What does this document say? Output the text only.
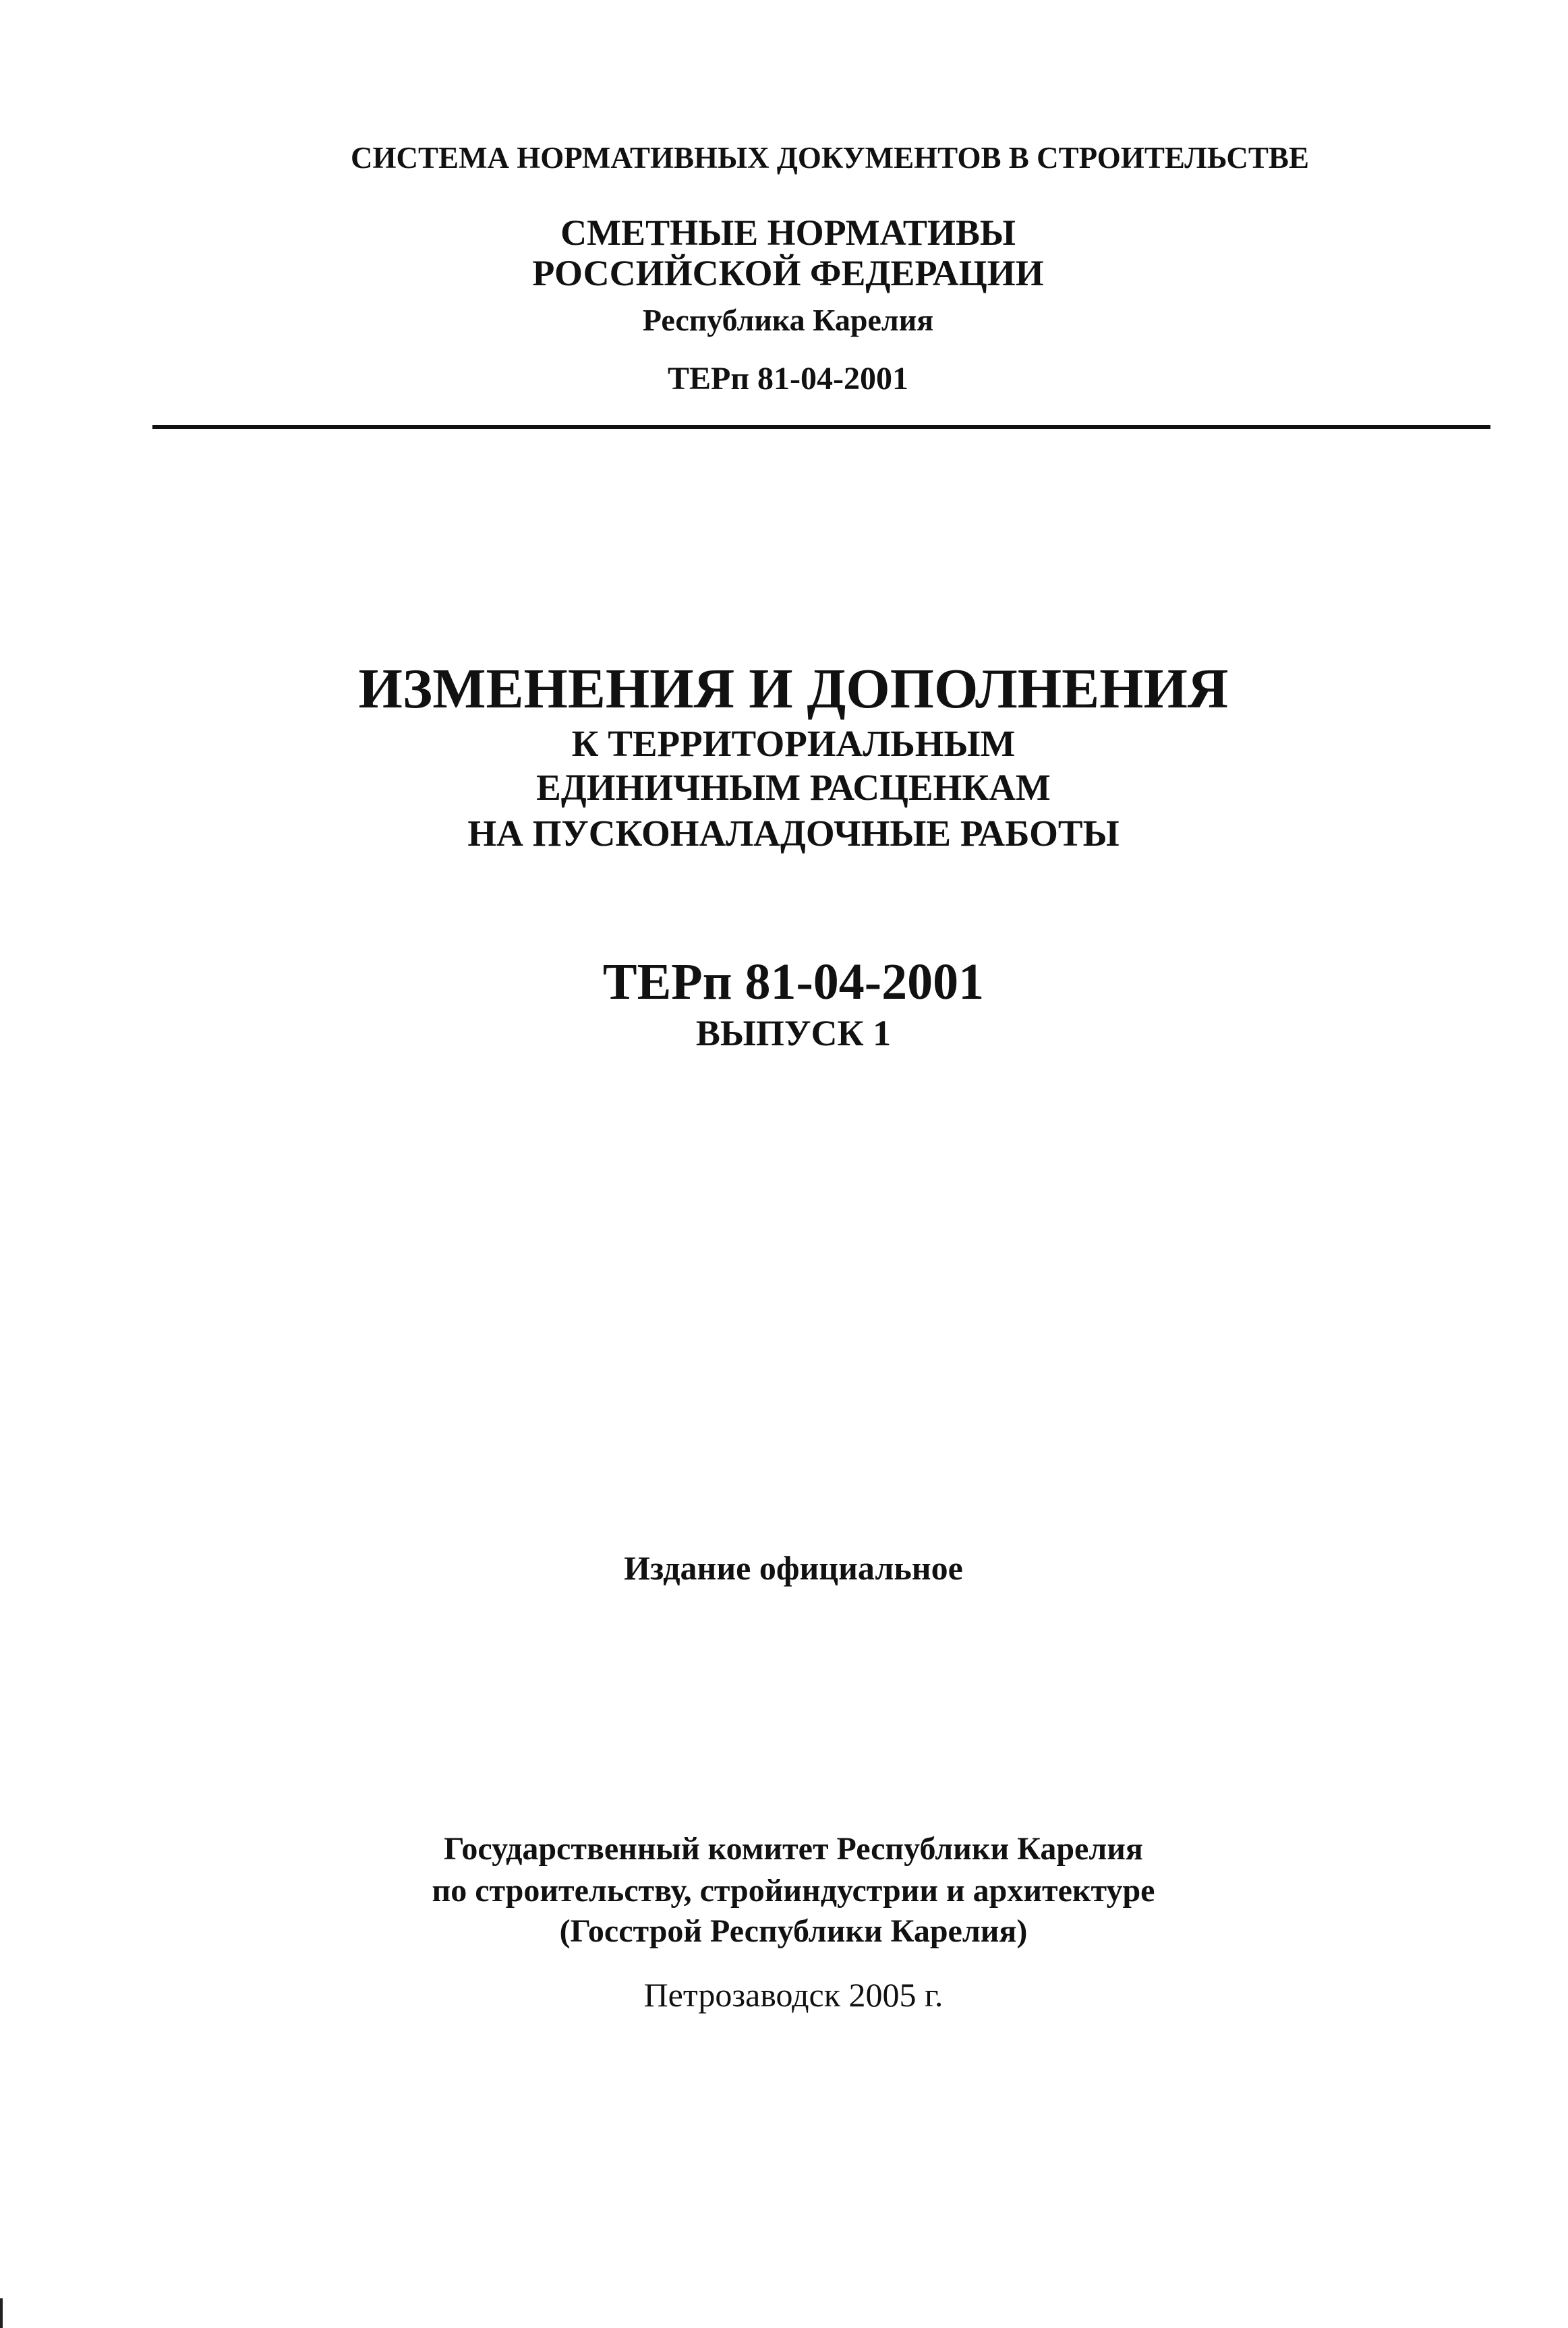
СИСТЕМА НОРМАТИВНЫХ ДОКУМЕНТОВ В СТРОИТЕЛЬСТВЕ
СМЕТНЫЕ НОРМАТИВЫ
РОССИЙСКОЙ ФЕДЕРАЦИИ
Республика Карелия
ТЕРп 81-04-2001
ИЗМЕНЕНИЯ И ДОПОЛНЕНИЯ
К ТЕРРИТОРИАЛЬНЫМ
ЕДИНИЧНЫМ РАСЦЕНКАМ
НА ПУСКОНАЛАДОЧНЫЕ РАБОТЫ
ТЕРп 81-04-2001
ВЫПУСК 1
Издание официальное
Государственный комитет Республики Карелия
по строительству, стройиндустрии и архитектуре
(Госстрой Республики Карелия)
Петрозаводск 2005 г.
